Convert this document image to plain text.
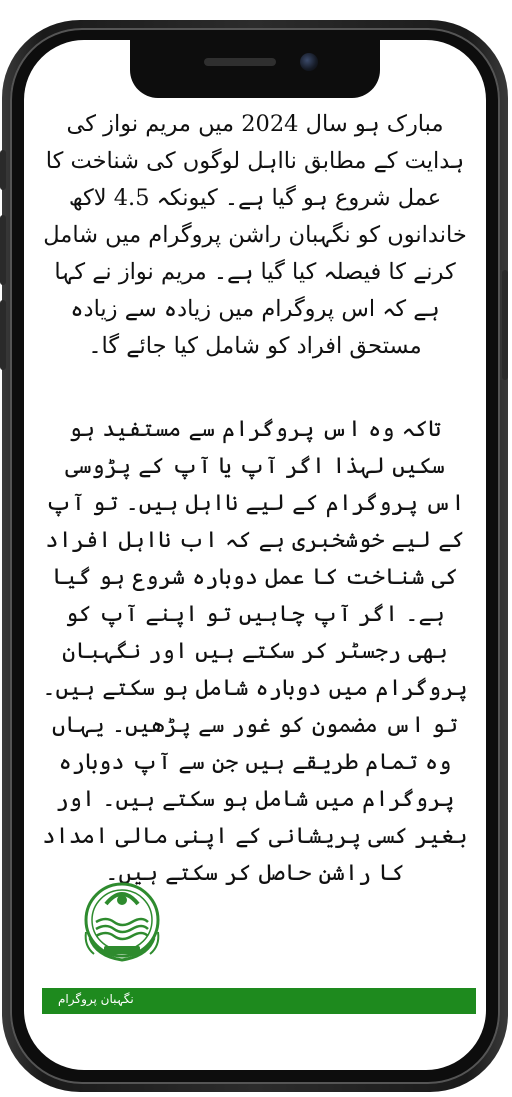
مبارک ہو سال 2024 میں مریم نواز کی ہدایت کے مطابق نااہل لوگوں کی شناخت کا عمل شروع ہو گیا ہے۔ کیونکہ 4.5 لاکھ خاندانوں کو نگہبان راشن پروگرام میں شامل کرنے کا فیصلہ کیا گیا ہے۔ مریم نواز نے کہا ہے کہ اس پروگرام میں زیادہ سے زیادہ مستحق افراد کو شامل کیا جائے گا۔

تاکہ وہ اس پروگرام سے مستفید ہو سکیں لہذا اگر آپ یا آپ کے پڑوسی اس پروگرام کے لیے نااہل ہیں۔ تو آپ کے لیے خوشخبری ہے کہ اب نااہل افراد کی شناخت کا عمل دوبارہ شروع ہو گیا ہے۔ اگر آپ چاہیں تو اپنے آپ کو بھی رجسٹر کر سکتے ہیں اور نگہبان پروگرام میں دوبارہ شامل ہو سکتے ہیں۔ تو اس مضمون کو غور سے پڑھیں۔ یہاں وہ تمام طریقے ہیں جن سے آپ دوبارہ پروگرام میں شامل ہو سکتے ہیں۔ اور بغیر کسی پریشانی کے اپنی مالی امداد کا راشن حاصل کر سکتے ہیں۔

نگہبان پروگرام
